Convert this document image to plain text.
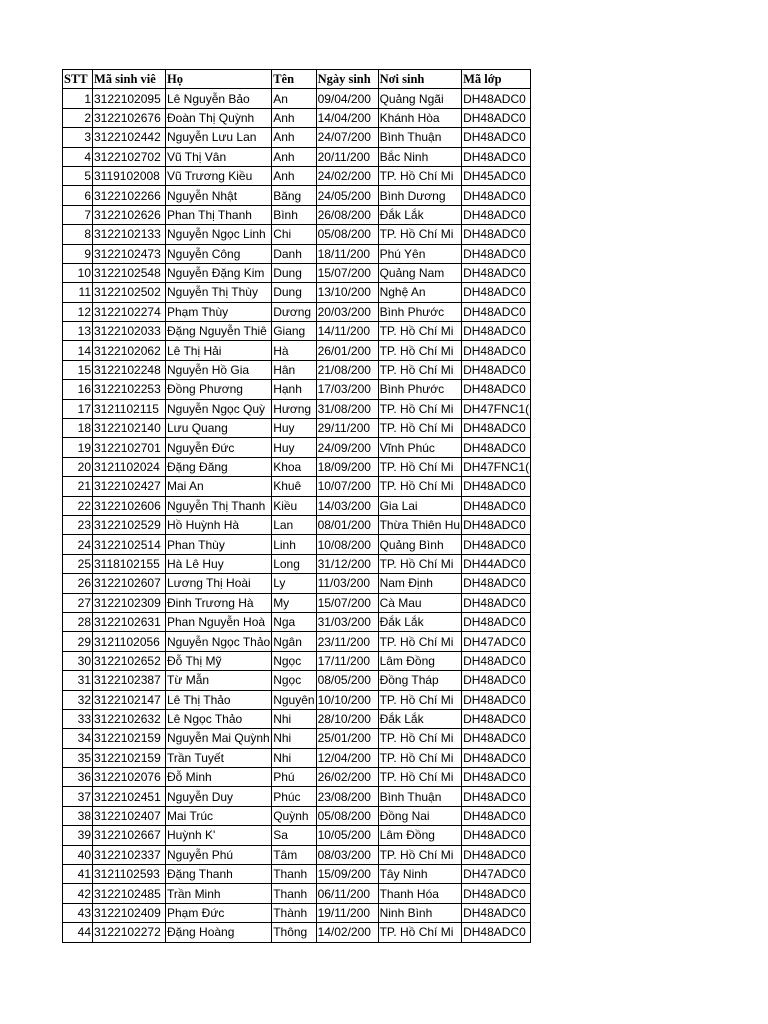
STT	Mã sinh viê	Họ	Tên	Ngày sinh	Nơi sinh	Mã lớp
1	3122102095	Lê Nguyễn Bảo	An	09/04/200	Quảng Ngãi	DH48ADC0
2	3122102676	Đoàn Thị Quỳnh	Anh	14/04/200	Khánh Hòa	DH48ADC0
3	3122102442	Nguyễn Lưu Lan	Anh	24/07/200	Bình Thuận	DH48ADC0
4	3122102702	Vũ Thị Vân	Anh	20/11/200	Bắc Ninh	DH48ADC0
5	3119102008	Vũ Trương Kiều	Anh	24/02/200	TP. Hồ Chí Mi	DH45ADC0
6	3122102266	Nguyễn Nhật	Băng	24/05/200	Bình Dương	DH48ADC0
7	3122102626	Phan Thị Thanh	Bình	26/08/200	Đắk Lắk	DH48ADC0
8	3122102133	Nguyễn Ngọc Linh	Chi	05/08/200	TP. Hồ Chí Mi	DH48ADC0
9	3122102473	Nguyễn Công	Danh	18/11/200	Phú Yên	DH48ADC0
10	3122102548	Nguyễn Đặng Kim	Dung	15/07/200	Quảng Nam	DH48ADC0
11	3122102502	Nguyễn Thị Thùy	Dung	13/10/200	Nghệ An	DH48ADC0
12	3122102274	Phạm Thùy	Dương	20/03/200	Bình Phước	DH48ADC0
13	3122102033	Đặng Nguyễn Thiê	Giang	14/11/200	TP. Hồ Chí Mi	DH48ADC0
14	3122102062	Lê Thị Hải	Hà	26/01/200	TP. Hồ Chí Mi	DH48ADC0
15	3122102248	Nguyễn Hồ Gia	Hân	21/08/200	TP. Hồ Chí Mi	DH48ADC0
16	3122102253	Đồng Phương	Hạnh	17/03/200	Bình Phước	DH48ADC0
17	3121102115	Nguyễn Ngọc Quỳ	Hương	31/08/200	TP. Hồ Chí Mi	DH47FNC1(
18	3122102140	Lưu Quang	Huy	29/11/200	TP. Hồ Chí Mi	DH48ADC0
19	3122102701	Nguyễn Đức	Huy	24/09/200	Vĩnh Phúc	DH48ADC0
20	3121102024	Đặng Đăng	Khoa	18/09/200	TP. Hồ Chí Mi	DH47FNC1(
21	3122102427	Mai An	Khuê	10/07/200	TP. Hồ Chí Mi	DH48ADC0
22	3122102606	Nguyễn Thị Thanh	Kiều	14/03/200	Gia Lai	DH48ADC0
23	3122102529	Hồ Huỳnh Hà	Lan	08/01/200	Thừa Thiên Hu	DH48ADC0
24	3122102514	Phan Thùy	Linh	10/08/200	Quảng Bình	DH48ADC0
25	3118102155	Hà Lê Huy	Long	31/12/200	TP. Hồ Chí Mi	DH44ADC0
26	3122102607	Lương Thị Hoài	Ly	11/03/200	Nam Định	DH48ADC0
27	3122102309	Đinh Trương Hà	My	15/07/200	Cà Mau	DH48ADC0
28	3122102631	Phan Nguyễn Hoà	Nga	31/03/200	Đắk Lắk	DH48ADC0
29	3121102056	Nguyễn Ngọc Thảo	Ngân	23/11/200	TP. Hồ Chí Mi	DH47ADC0
30	3122102652	Đỗ Thị Mỹ	Ngọc	17/11/200	Lâm Đồng	DH48ADC0
31	3122102387	Từ Mẫn	Ngọc	08/05/200	Đồng Tháp	DH48ADC0
32	3122102147	Lê Thị Thảo	Nguyên	10/10/200	TP. Hồ Chí Mi	DH48ADC0
33	3122102632	Lê Ngọc Thảo	Nhi	28/10/200	Đắk Lắk	DH48ADC0
34	3122102159	Nguyễn Mai Quỳnh	Nhi	25/01/200	TP. Hồ Chí Mi	DH48ADC0
35	3122102159	Trần Tuyết	Nhi	12/04/200	TP. Hồ Chí Mi	DH48ADC0
36	3122102076	Đỗ Minh	Phú	26/02/200	TP. Hồ Chí Mi	DH48ADC0
37	3122102451	Nguyễn Duy	Phúc	23/08/200	Bình Thuận	DH48ADC0
38	3122102407	Mai Trúc	Quỳnh	05/08/200	Đồng Nai	DH48ADC0
39	3122102667	Huỳnh K'	Sa	10/05/200	Lâm Đồng	DH48ADC0
40	3122102337	Nguyễn Phú	Tâm	08/03/200	TP. Hồ Chí Mi	DH48ADC0
41	3121102593	Đặng Thanh	Thanh	15/09/200	Tây Ninh	DH47ADC0
42	3122102485	Trần Minh	Thanh	06/11/200	Thanh Hóa	DH48ADC0
43	3122102409	Phạm Đức	Thành	19/11/200	Ninh Bình	DH48ADC0
44	3122102272	Đặng Hoàng	Thông	14/02/200	TP. Hồ Chí Mi	DH48ADC0
